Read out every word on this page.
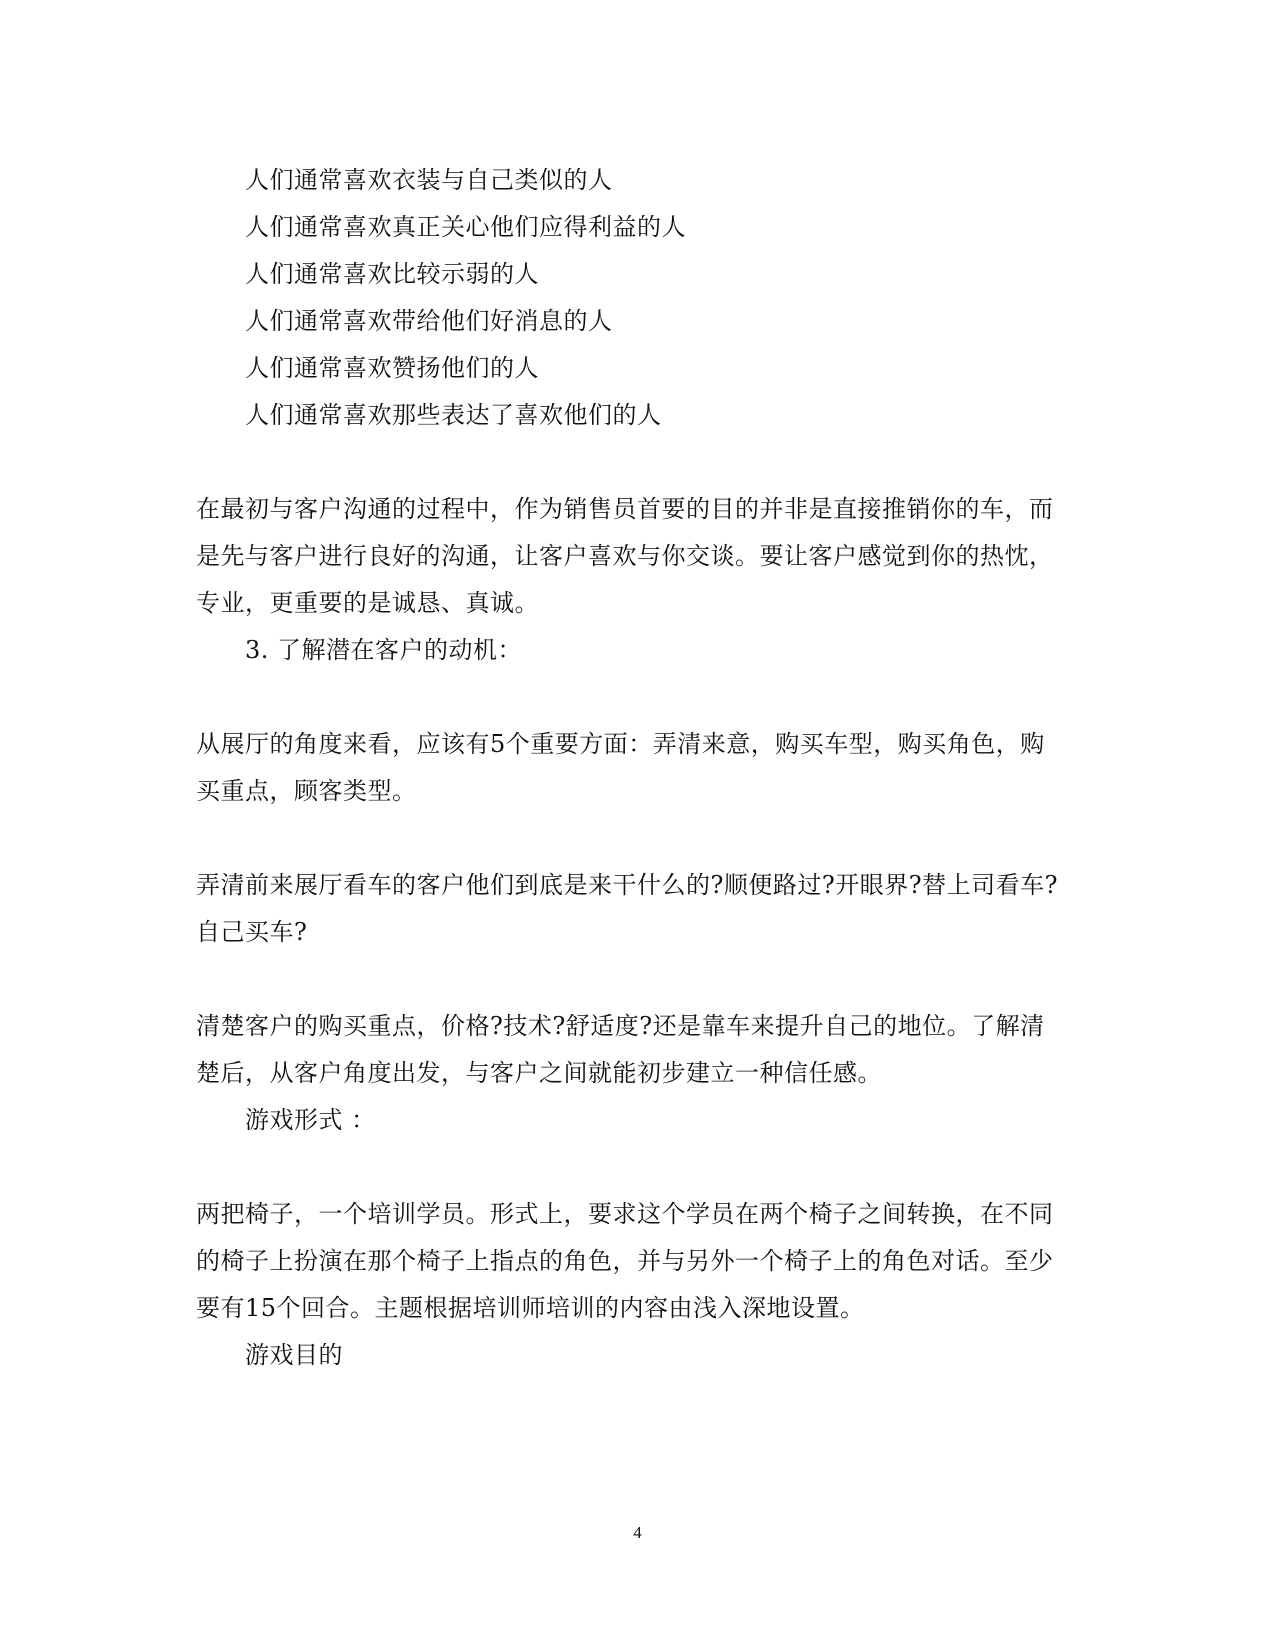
人们通常喜欢衣装与自己类似的人
人们通常喜欢真正关心他们应得利益的人
人们通常喜欢比较示弱的人
人们通常喜欢带给他们好消息的人
人们通常喜欢赞扬他们的人
人们通常喜欢那些表达了喜欢他们的人
在最初与客户沟通的过程中，作为销售员首要的目的并非是直接推销你的车，而
是先与客户进行良好的沟通，让客户喜欢与你交谈。要让客户感觉到你的热忱，
专业，更重要的是诚恳、真诚。
3. 了解潜在客户的动机：
从展厅的角度来看，应该有5个重要方面：弄清来意，购买车型，购买角色，购
买重点，顾客类型。
弄清前来展厅看车的客户他们到底是来干什么的?顺便路过?开眼界?替上司看车?
自己买车?
清楚客户的购买重点，价格?技术?舒适度?还是靠车来提升自己的地位。了解清
楚后，从客户角度出发，与客户之间就能初步建立一种信任感。
游戏形式 ：
两把椅子，一个培训学员。形式上，要求这个学员在两个椅子之间转换，在不同
的椅子上扮演在那个椅子上指点的角色，并与另外一个椅子上的角色对话。至少
要有15个回合。主题根据培训师培训的内容由浅入深地设置。
游戏目的
4
